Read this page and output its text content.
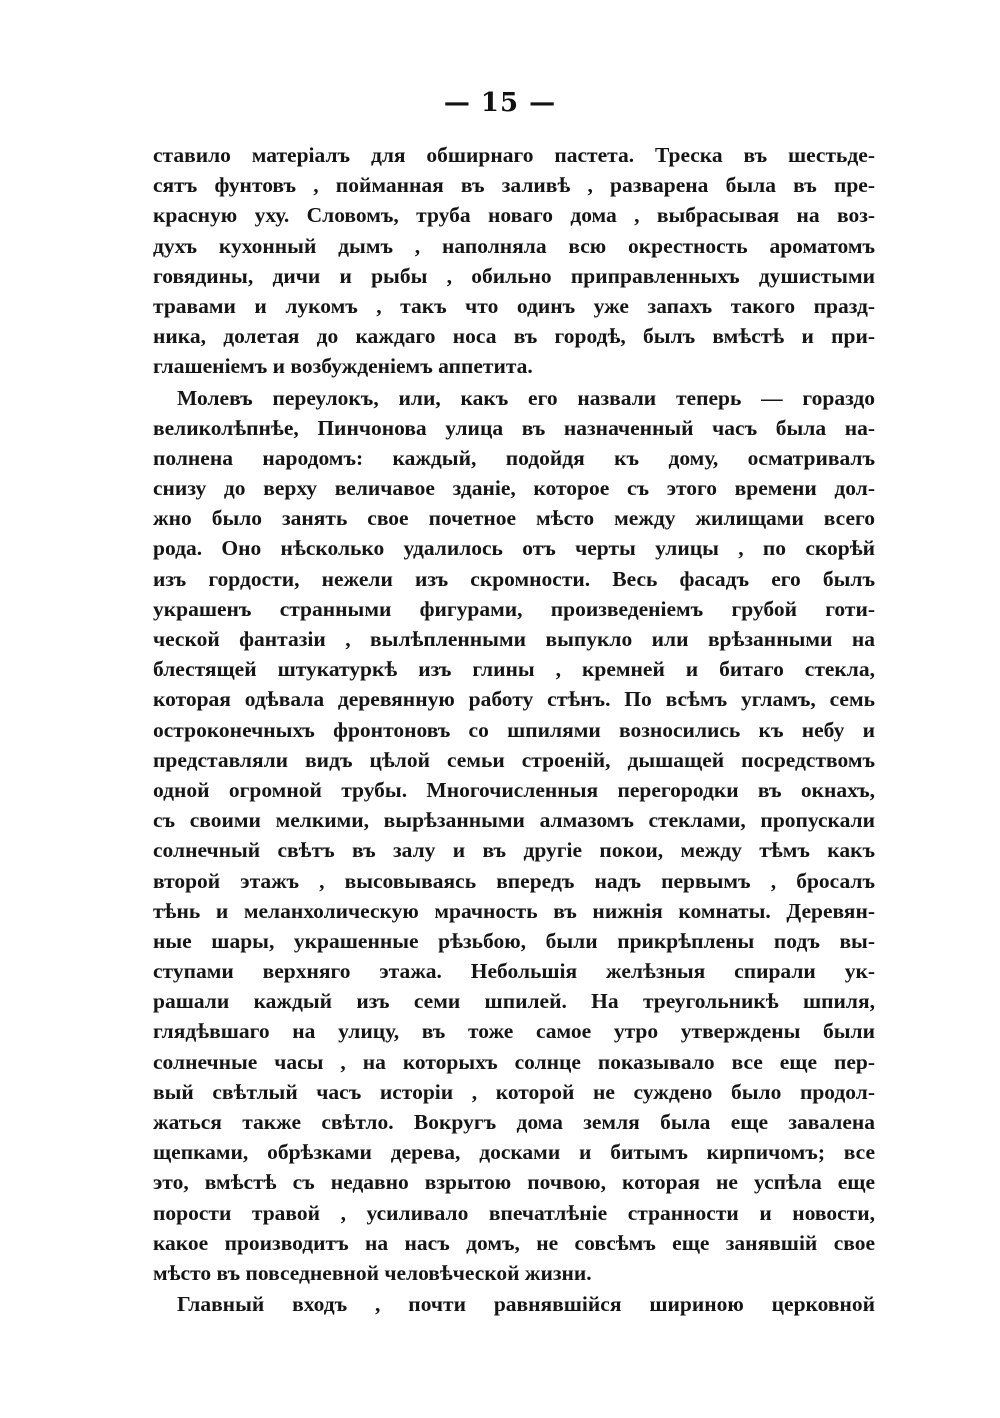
— 15 —
ставило матеріалъ для обширнаго пастета. Треска въ шестьде-
сятъ фунтовъ , пойманная въ заливѣ , разварена была въ пре-
красную уху. Словомъ, труба новаго дома , выбрасывая на воз-
духъ кухонный дымъ , наполняла всю окрестность ароматомъ
говядины, дичи и рыбы , обильно приправленныхъ душистыми
травами и лукомъ , такъ что одинъ уже запахъ такого празд-
ника, долетая до каждаго носа въ городѣ, былъ вмѣстѣ и при-
глашеніемъ и возбужденіемъ аппетита.
Молевъ переулокъ, или, какъ его назвали теперь — гораздо
великолѣпнѣе, Пинчонова улица въ назначенный часъ была на-
полнена народомъ: каждый, подойдя къ дому, осматривалъ
снизу до верху величавое зданіе, которое съ этого времени дол-
жно было занять свое почетное мѣсто между жилищами всего
рода. Оно нѣсколько удалилось отъ черты улицы , по скорѣй
изъ гордости, нежели изъ скромности. Весь фасадъ его былъ
украшенъ странными фигурами, произведеніемъ грубой готи-
ческой фантазіи , вылѣпленными выпукло или врѣзанными на
блестящей штукатуркѣ изъ глины , кремней и битаго стекла,
которая одѣвала деревянную работу стѣнъ. По всѣмъ угламъ, семь
остроконечныхъ фронтоновъ со шпилями возносились къ небу и
представляли видъ цѣлой семьи строеній, дышащей посредствомъ
одной огромной трубы. Многочисленныя перегородки въ окнахъ,
съ своими мелкими, вырѣзанными алмазомъ стеклами, пропускали
солнечный свѣтъ въ залу и въ другіе покои, между тѣмъ какъ
второй этажъ , высовываясь впередъ надъ первымъ , бросалъ
тѣнь и меланхолическую мрачность въ нижнія комнаты. Деревян-
ные шары, украшенные рѣзьбою, были прикрѣплены подъ вы-
ступами верхняго этажа. Небольшія желѣзныя спирали ук-
рашали каждый изъ семи шпилей. На треугольникѣ шпиля,
глядѣвшаго на улицу, въ тоже самое утро утверждены были
солнечные часы , на которыхъ солнце показывало все еще пер-
вый свѣтлый часъ исторіи , которой не суждено было продол-
жаться также свѣтло. Вокругъ дома земля была еще завалена
щепками, обрѣзками дерева, досками и битымъ кирпичомъ; все
это, вмѣстѣ съ недавно взрытою почвою, которая не успѣла еще
порости травой , усиливало впечатлѣніе странности и новости,
какое производитъ на насъ домъ, не совсѣмъ еще занявшій свое
мѣсто въ повседневной человѣческой жизни.
Главный входъ , почти равнявшійся шириною церковной
